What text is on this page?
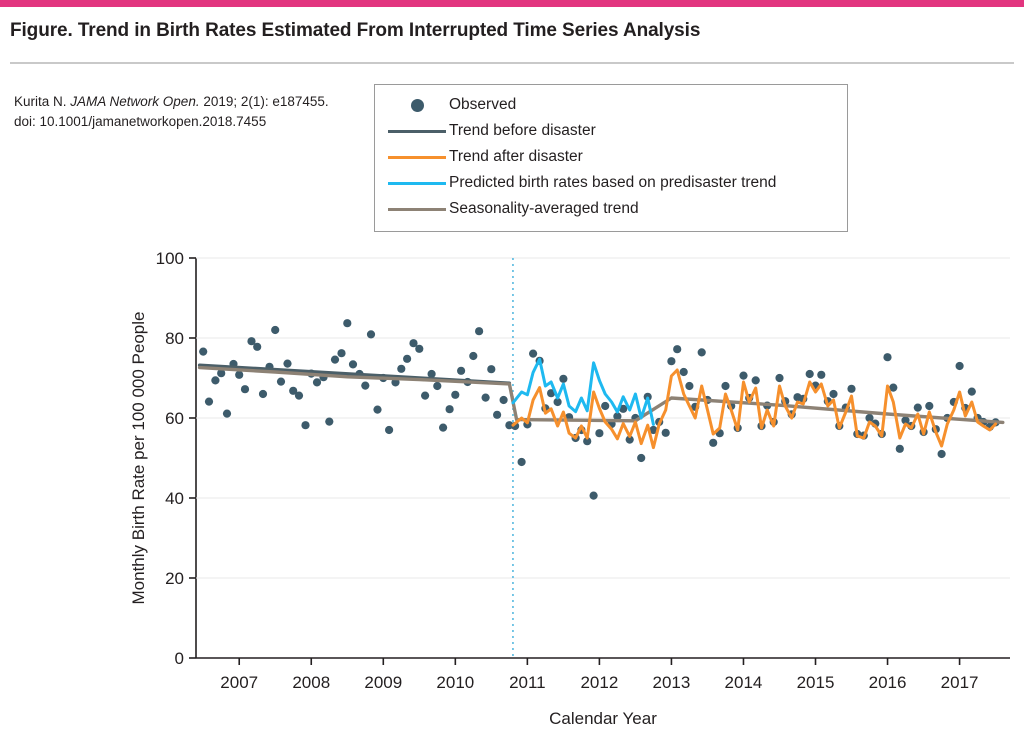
Figure. Trend in Birth Rates Estimated From Interrupted Time Series Analysis
Kurita N. JAMA Network Open. 2019; 2(1): e187455.
doi: 10.1001/jamanetworkopen.2018.7455
Observed
Trend before disaster
Trend after disaster
Predicted birth rates based on predisaster trend
Seasonality-averaged trend
0
20
40
60
80
100
2007 2008 2009 2010 2011 2012 2013 2014 2015 2016 2017
Calendar Year
Monthly Birth Rate per 100 000 People
